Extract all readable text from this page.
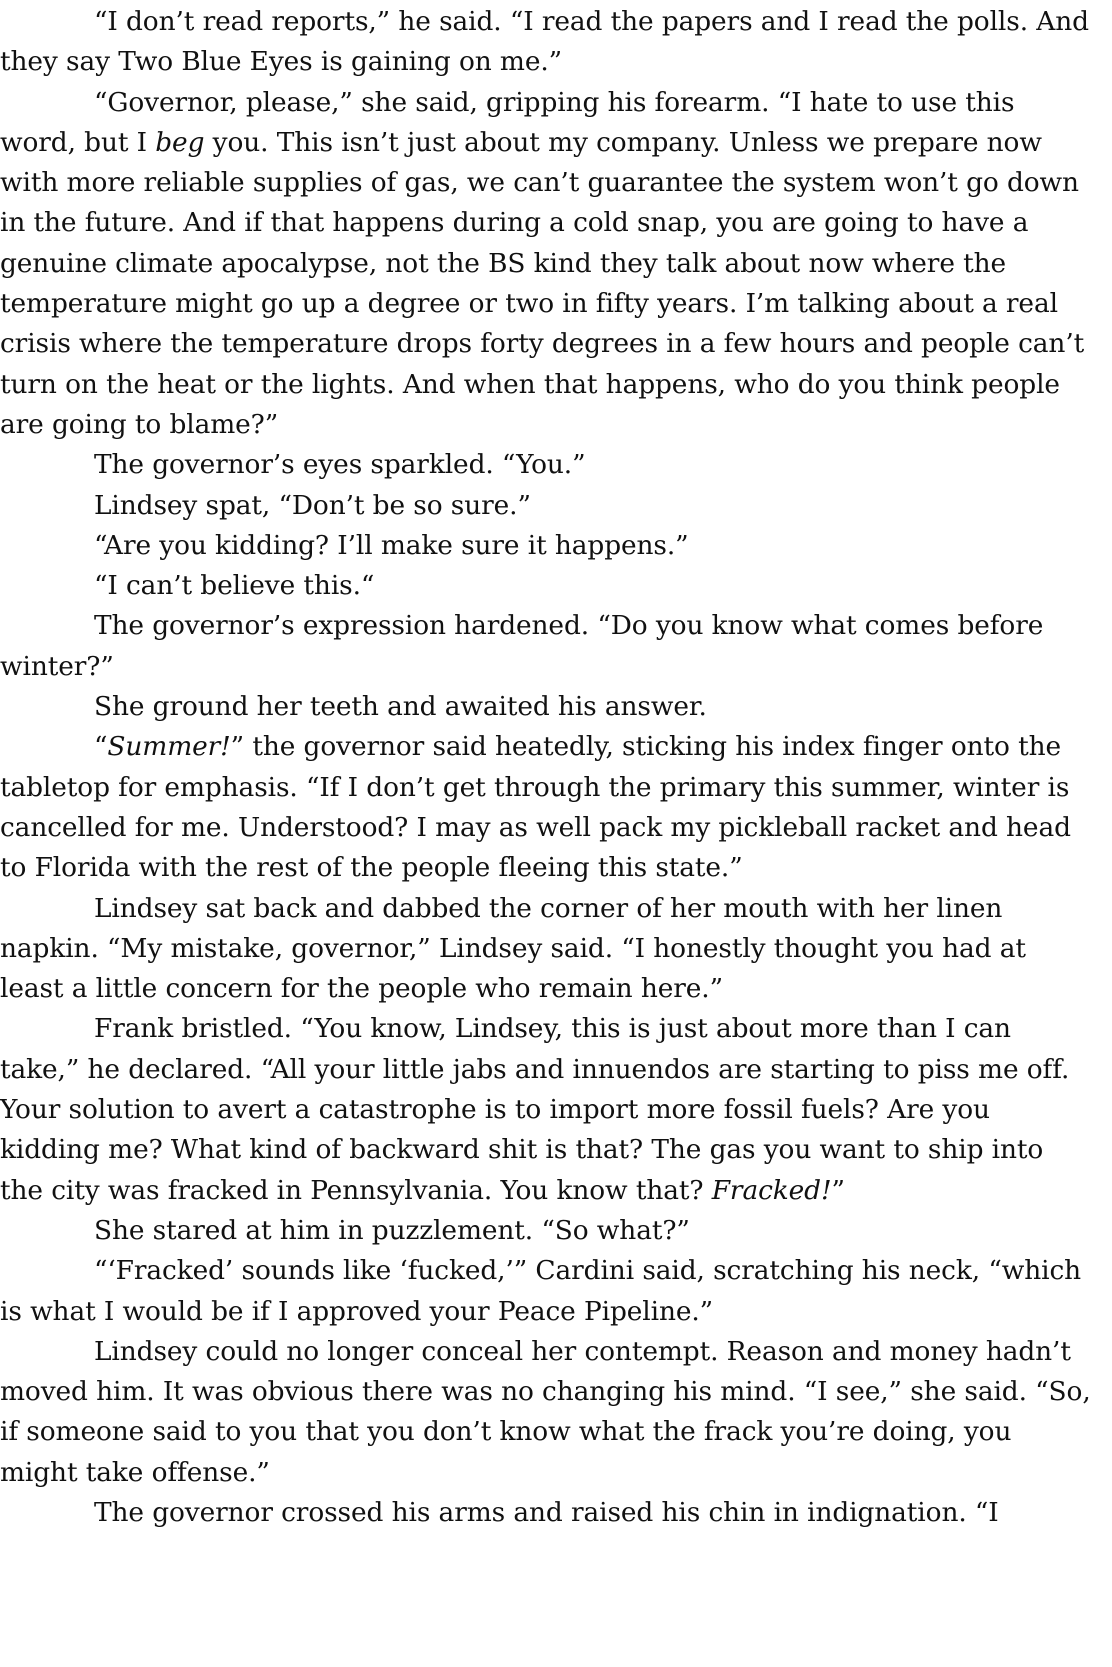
“I don’t read reports,” he said. “I read the papers and I read the polls. And
they say Two Blue Eyes is gaining on me.”
“Governor, please,” she said, gripping his forearm. “I hate to use this
word, but I beg you. This isn’t just about my company. Unless we prepare now
with more reliable supplies of gas, we can’t guarantee the system won’t go down
in the future. And if that happens during a cold snap, you are going to have a
genuine climate apocalypse, not the BS kind they talk about now where the
temperature might go up a degree or two in fifty years. I’m talking about a real
crisis where the temperature drops forty degrees in a few hours and people can’t
turn on the heat or the lights. And when that happens, who do you think people
are going to blame?”
The governor’s eyes sparkled. “You.”
Lindsey spat, “Don’t be so sure.”
“Are you kidding? I’ll make sure it happens.”
“I can’t believe this.“
The governor’s expression hardened. “Do you know what comes before
winter?”
She ground her teeth and awaited his answer.
“Summer!” the governor said heatedly, sticking his index finger onto the
tabletop for emphasis. “If I don’t get through the primary this summer, winter is
cancelled for me. Understood? I may as well pack my pickleball racket and head
to Florida with the rest of the people fleeing this state.”
Lindsey sat back and dabbed the corner of her mouth with her linen
napkin. “My mistake, governor,” Lindsey said. “I honestly thought you had at
least a little concern for the people who remain here.”
Frank bristled. “You know, Lindsey, this is just about more than I can
take,” he declared. “All your little jabs and innuendos are starting to piss me off.
Your solution to avert a catastrophe is to import more fossil fuels? Are you
kidding me? What kind of backward shit is that? The gas you want to ship into
the city was fracked in Pennsylvania. You know that? Fracked!”
She stared at him in puzzlement. “So what?”
“‘Fracked’ sounds like ‘fucked,’” Cardini said, scratching his neck, “which
is what I would be if I approved your Peace Pipeline.”
Lindsey could no longer conceal her contempt. Reason and money hadn’t
moved him. It was obvious there was no changing his mind. “I see,” she said. “So,
if someone said to you that you don’t know what the frack you’re doing, you
might take offense.”
The governor crossed his arms and raised his chin in indignation. “I
